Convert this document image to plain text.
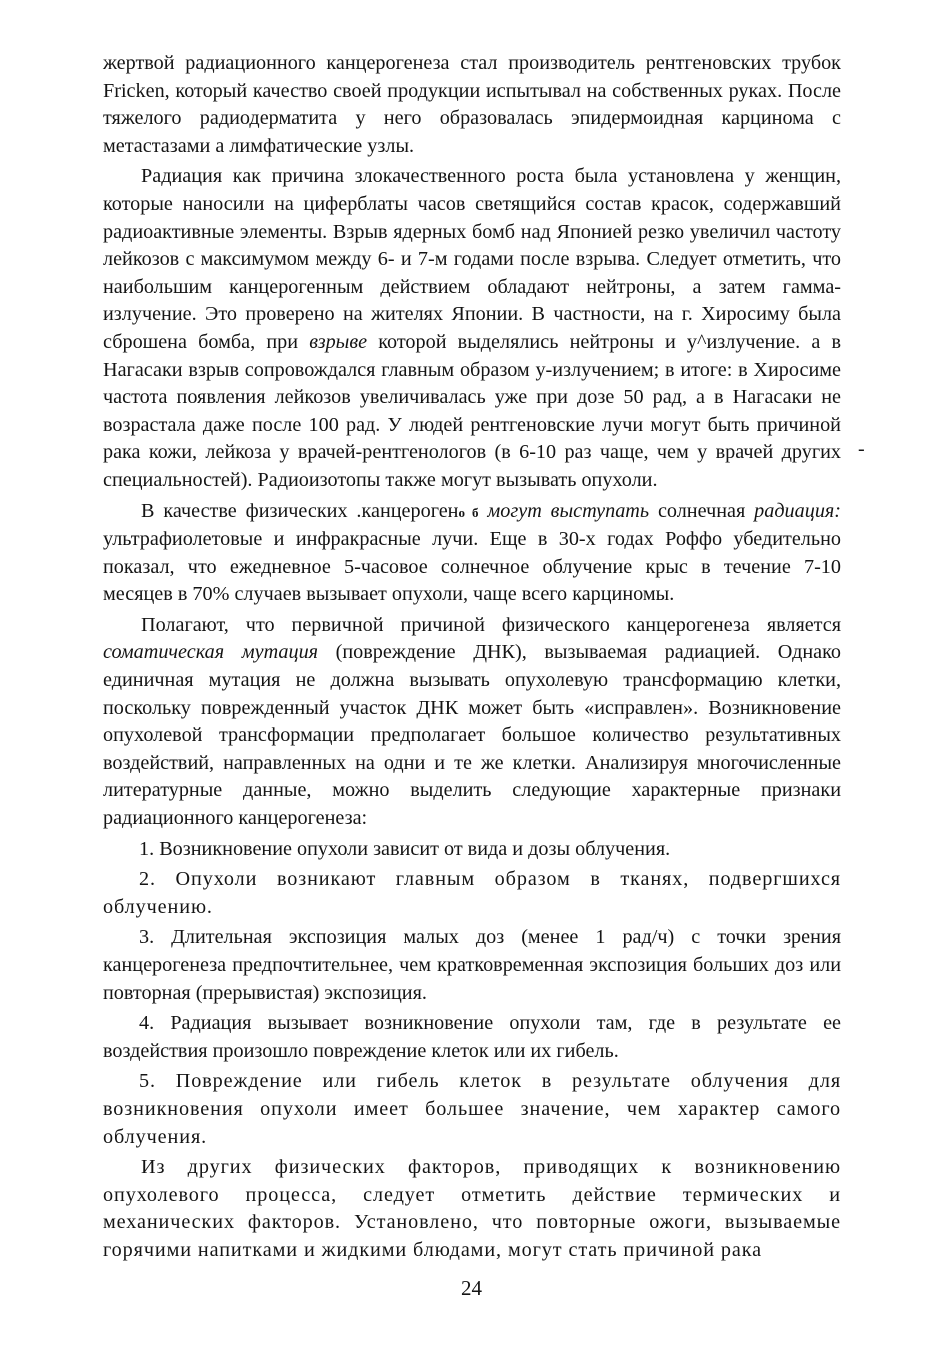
жертвой радиационного канцерогенеза стал производитель рентгеновских трубок Fricken, который качество своей продукции испытывал на собственных руках. После тяжелого радиодерматита у него образовалась эпидермоидная карцинома с метастазами а лимфатические узлы.

Радиация как причина злокачественного роста была установлена у женщин, которые наносили на циферблаты часов светящийся состав красок, содержавший радиоактивные элементы. Взрыв ядерных бомб над Японией резко увеличил частоту лейкозов с максимумом между 6- и 7-м годами после взрыва. Следует отметить, что наибольшим канцерогенным действием обладают нейтроны, а затем гамма-излучение. Это проверено на жителях Японии. В частности, на г. Хиросиму была сброшена бомба, при взрыве которой выделялись нейтроны и у^излучение. а в Нагасаки взрыв сопровождался главным образом у-излучением; в итоге: в Хиросиме частота появления лейкозов увеличивалась уже при дозе 50 рад, а в Нагасаки не возрастала даже после 100 рад. У людей рентгеновские лучи могут быть причиной рака кожи, лейкоза у врачей-рентгенологов (в 6-10 раз чаще, чем у врачей других специальностей). Радиоизотопы также могут вызывать опухоли.

В качестве физических .канцерогено б могут выступать солнечная радиация: ультрафиолетовые и инфракрасные лучи. Еще в 30-х годах Роффо убедительно показал, что ежедневное 5-часовое солнечное облучение крыс в течение 7-10 месяцев в 70% случаев вызывает опухоли, чаще всего карциномы.

Полагают, что первичной причиной физического канцерогенеза является соматическая мутация (повреждение ДНК), вызываемая радиацией. Однако единичная мутация не должна вызывать опухолевую трансформацию клетки, поскольку поврежденный участок ДНК может быть «исправлен». Возникновение опухолевой трансформации предполагает большое количество результативных воздействий, направленных на одни и те же клетки. Анализируя многочисленные литературные данные, можно выделить следующие характерные признаки радиационного канцерогенеза:

1. Возникновение опухоли зависит от вида и дозы облучения.

2. Опухоли возникают главным образом в тканях, подвергшихся облучению.

3. Длительная экспозиция малых доз (менее 1 рад/ч) с точки зрения канцерогенеза предпочтительнее, чем кратковременная экспозиция больших доз или повторная (прерывистая) экспозиция.

4. Радиация вызывает возникновение опухоли там, где в результате ее воздействия произошло повреждение клеток или их гибель.

5. Повреждение или гибель клеток в результате облучения для возникновения опухоли имеет большее значение, чем характер самого облучения.

Из других физических факторов, приводящих к возникновению опухолевого процесса, следует отметить действие термических и механических факторов. Установлено, что повторные ожоги, вызываемые горячими напитками и жидкими блюдами, могут стать причиной рака

-
24
